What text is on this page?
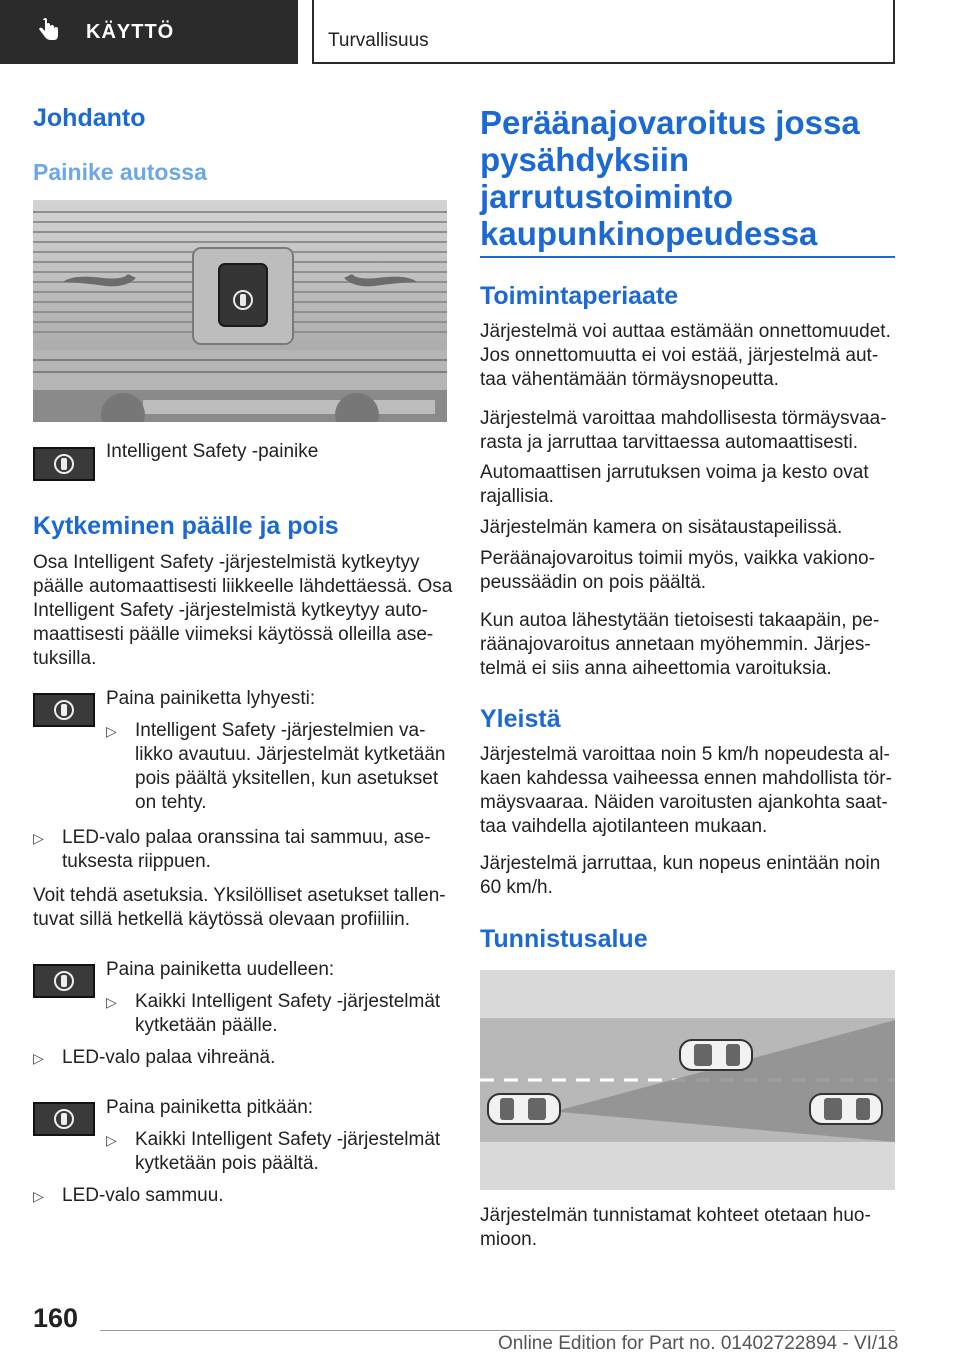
KÄYTTÖ	Turvallisuus
Johdanto
Painike autossa
Intelligent Safety -painike
Kytkeminen päälle ja pois

Osa Intelligent Safety -järjestelmistä kytkeytyy

päälle automaattisesti liikkeelle lähdettäessä. Osa

Intelligent Safety -järjestelmistä kytkeytyy auto‐

maattisesti päälle viimeksi käytössä olleilla ase‐

tuksilla.

Paina painiketta lyhyesti:
▷ Intelligent Safety -järjestelmien va‐

likko avautuu. Järjestelmät kytketään

pois päältä yksitellen, kun asetukset

on tehty.

▷ LED-valo palaa oranssina tai sammuu, ase‐

tuksesta riippuen.

Voit tehdä asetuksia. Yksilölliset asetukset tallen‐

tuvat sillä hetkellä käytössä olevaan profiiliin.

Paina painiketta uudelleen:
▷ Kaikki Intelligent Safety -järjestelmät

kytketään päälle.

▷ LED-valo palaa vihreänä.
Paina painiketta pitkään:
▷ Kaikki Intelligent Safety -järjestelmät

kytketään pois päältä.

▷ LED-valo sammuu.

Peräänajovaroitus jossa

pysähdyksiin

jarrutustoiminto

kaupunkinopeudessa

Toimintaperiaate

Järjestelmä voi auttaa estämään onnettomuudet.

Jos onnettomuutta ei voi estää, järjestelmä aut‐

taa vähentämään törmäysnopeutta.

Järjestelmä varoittaa mahdollisesta törmäysvaa‐

rasta ja jarruttaa tarvittaessa automaattisesti.

Automaattisen jarrutuksen voima ja kesto ovat

rajallisia.

Järjestelmän kamera on sisätaustapeilissä.

Peräänajovaroitus toimii myös, vaikka vakiono‐

peussäädin on pois päältä.

Kun autoa lähestytään tietoisesti takaapäin, pe‐

räänajovaroitus annetaan myöhemmin. Järjes‐

telmä ei siis anna aiheettomia varoituksia.

Yleistä

Järjestelmä varoittaa noin 5 km/h nopeudesta al‐

kaen kahdessa vaiheessa ennen mahdollista tör‐

mäysvaaraa. Näiden varoitusten ajankohta saat‐

taa vaihdella ajotilanteen mukaan.

Järjestelmä jarruttaa, kun nopeus enintään noin

60 km/h.

Tunnistusalue

Järjestelmän tunnistamat kohteet otetaan huo‐

mioon.

160
Online Edition for Part no. 01402722894 - VI/18
